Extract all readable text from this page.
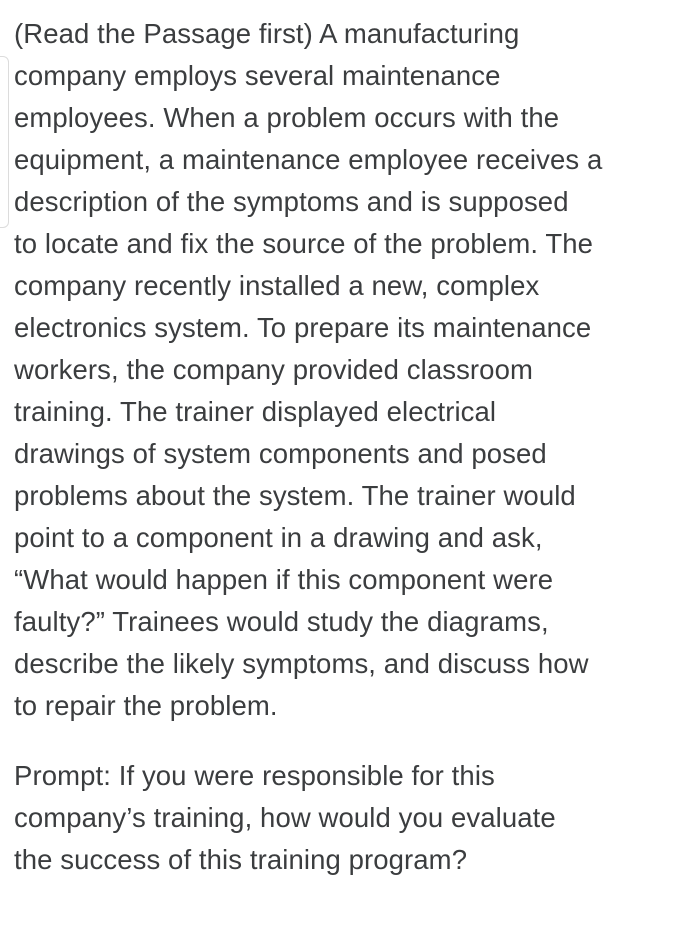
(Read the Passage first) A manufacturing
company employs several maintenance
employees. When a problem occurs with the
equipment, a maintenance employee receives a
description of the symptoms and is supposed
to locate and fix the source of the problem. The
company recently installed a new, complex
electronics system. To prepare its maintenance
workers, the company provided classroom
training. The trainer displayed electrical
drawings of system components and posed
problems about the system. The trainer would
point to a component in a drawing and ask,
“What would happen if this component were
faulty?” Trainees would study the diagrams,
describe the likely symptoms, and discuss how
to repair the problem.
Prompt: If you were responsible for this
company’s training, how would you evaluate
the success of this training program?
